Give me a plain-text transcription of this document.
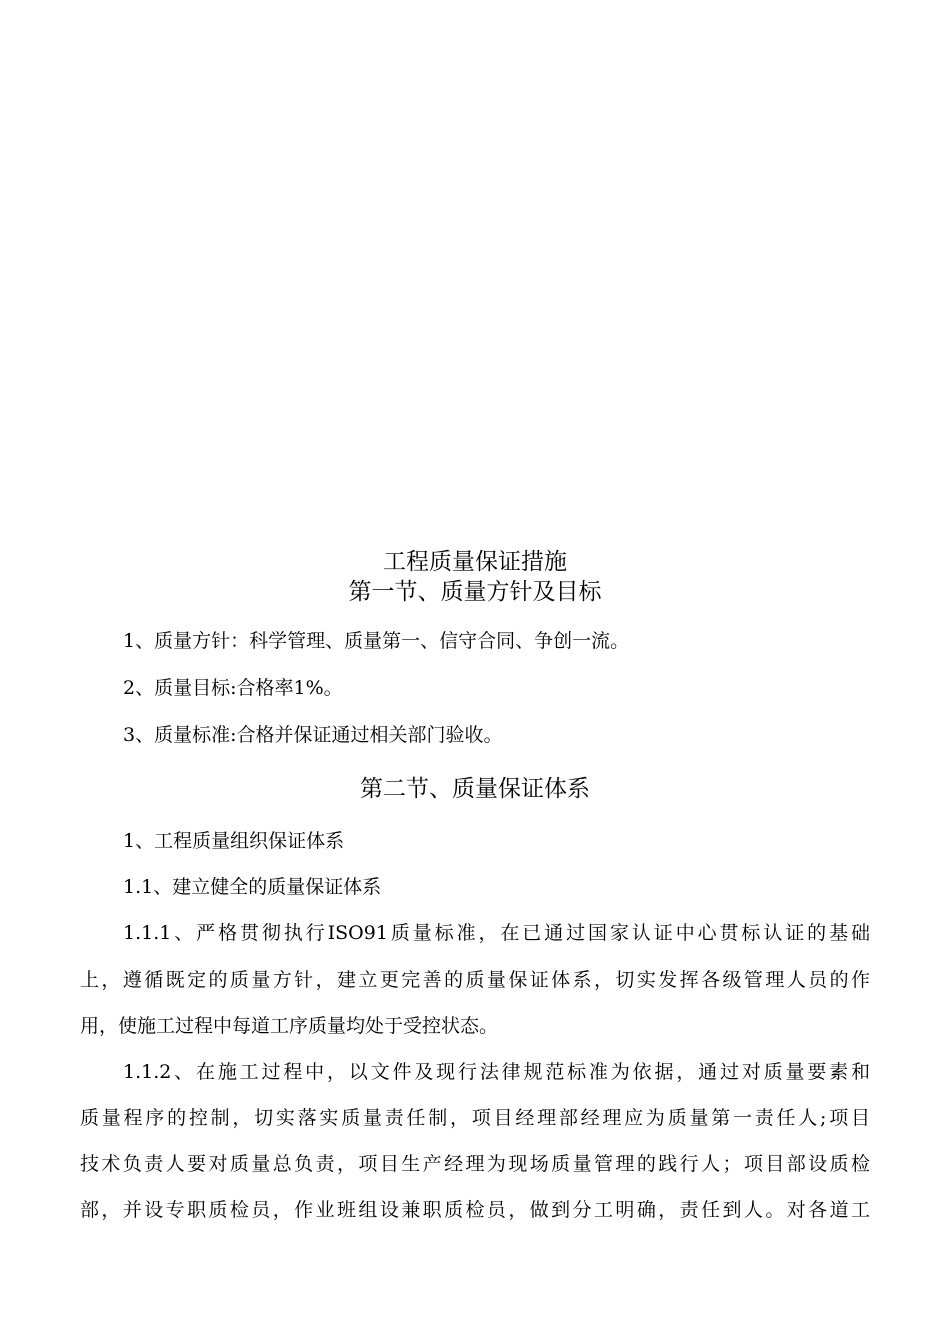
工程质量保证措施
第一节、质量方针及目标
1、质量方针：科学管理、质量第一、信守合同、争创一流。
2、质量目标:合格率1%。
3、质量标准:合格并保证通过相关部门验收。
第二节、质量保证体系
1、工程质量组织保证体系
1.1、建立健全的质量保证体系
1.1.1、严格贯彻执行ISO91质量标准，在已通过国家认证中心贯标认证的基础
上，遵循既定的质量方针，建立更完善的质量保证体系，切实发挥各级管理人员的作
用，使施工过程中每道工序质量均处于受控状态。
1.1.2、在施工过程中，以文件及现行法律规范标准为依据，通过对质量要素和
质量程序的控制，切实落实质量责任制，项目经理部经理应为质量第一责任人;项目
技术负责人要对质量总负责，项目生产经理为现场质量管理的践行人；项目部设质检
部，并设专职质检员，作业班组设兼职质检员，做到分工明确，责任到人。对各道工
